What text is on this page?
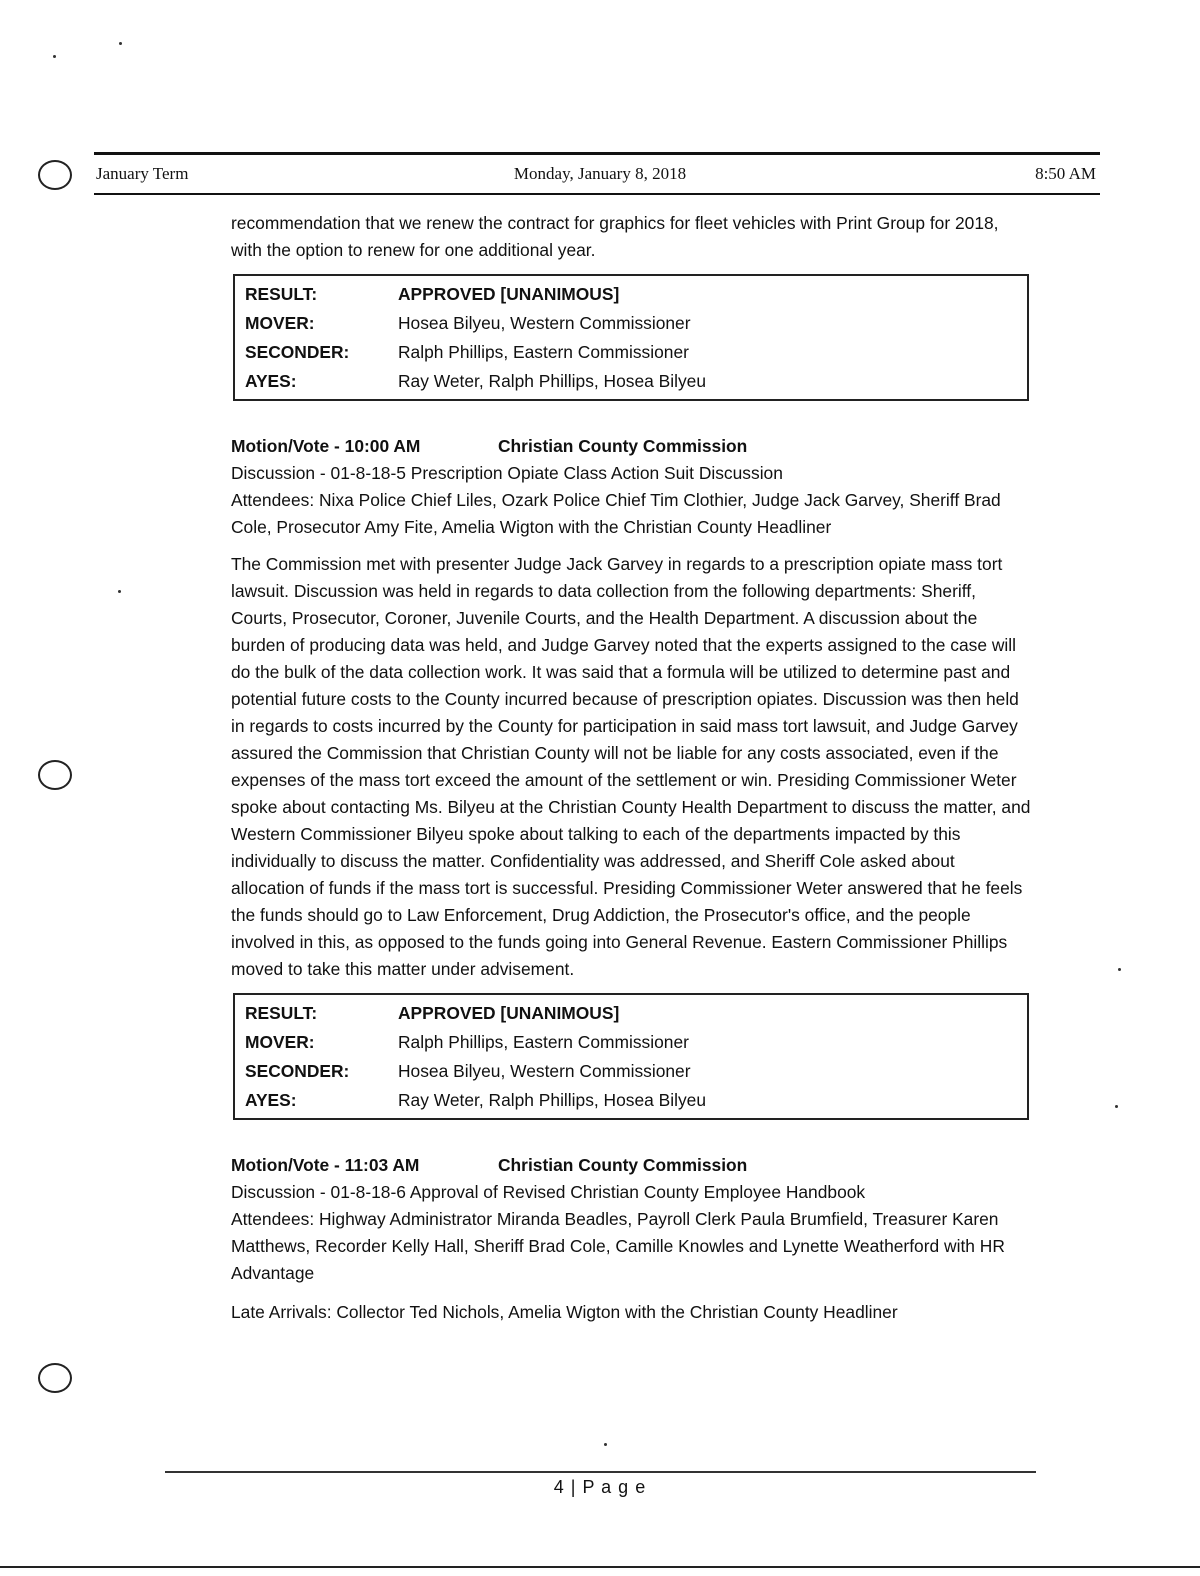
January Term	Monday, January 8, 2018	8:50 AM

recommendation that we renew the contract for graphics for fleet vehicles with Print Group for 2018, with the option to renew for one additional year.

RESULT:	APPROVED [UNANIMOUS]
MOVER:	Hosea Bilyeu, Western Commissioner
SECONDER:	Ralph Phillips, Eastern Commissioner
AYES:	Ray Weter, Ralph Phillips, Hosea Bilyeu

Motion/Vote - 10:00 AM	Christian County Commission

Discussion - 01-8-18-5 Prescription Opiate Class Action Suit Discussion

Attendees: Nixa Police Chief Liles, Ozark Police Chief Tim Clothier, Judge Jack Garvey, Sheriff Brad Cole, Prosecutor Amy Fite, Amelia Wigton with the Christian County Headliner

The Commission met with presenter Judge Jack Garvey in regards to a prescription opiate mass tort lawsuit. Discussion was held in regards to data collection from the following departments: Sheriff, Courts, Prosecutor, Coroner, Juvenile Courts, and the Health Department. A discussion about the burden of producing data was held, and Judge Garvey noted that the experts assigned to the case will do the bulk of the data collection work. It was said that a formula will be utilized to determine past and potential future costs to the County incurred because of prescription opiates. Discussion was then held in regards to costs incurred by the County for participation in said mass tort lawsuit, and Judge Garvey assured the Commission that Christian County will not be liable for any costs associated, even if the expenses of the mass tort exceed the amount of the settlement or win. Presiding Commissioner Weter spoke about contacting Ms. Bilyeu at the Christian County Health Department to discuss the matter, and Western Commissioner Bilyeu spoke about talking to each of the departments impacted by this individually to discuss the matter. Confidentiality was addressed, and Sheriff Cole asked about allocation of funds if the mass tort is successful. Presiding Commissioner Weter answered that he feels the funds should go to Law Enforcement, Drug Addiction, the Prosecutor's office, and the people involved in this, as opposed to the funds going into General Revenue. Eastern Commissioner Phillips moved to take this matter under advisement.

RESULT:	APPROVED [UNANIMOUS]
MOVER:	Ralph Phillips, Eastern Commissioner
SECONDER:	Hosea Bilyeu, Western Commissioner
AYES:	Ray Weter, Ralph Phillips, Hosea Bilyeu

Motion/Vote - 11:03 AM	Christian County Commission

Discussion - 01-8-18-6 Approval of Revised Christian County Employee Handbook

Attendees: Highway Administrator Miranda Beadles, Payroll Clerk Paula Brumfield, Treasurer Karen Matthews, Recorder Kelly Hall, Sheriff Brad Cole, Camille Knowles and Lynette Weatherford with HR Advantage

Late Arrivals: Collector Ted Nichols, Amelia Wigton with the Christian County Headliner

4 | P a g e
